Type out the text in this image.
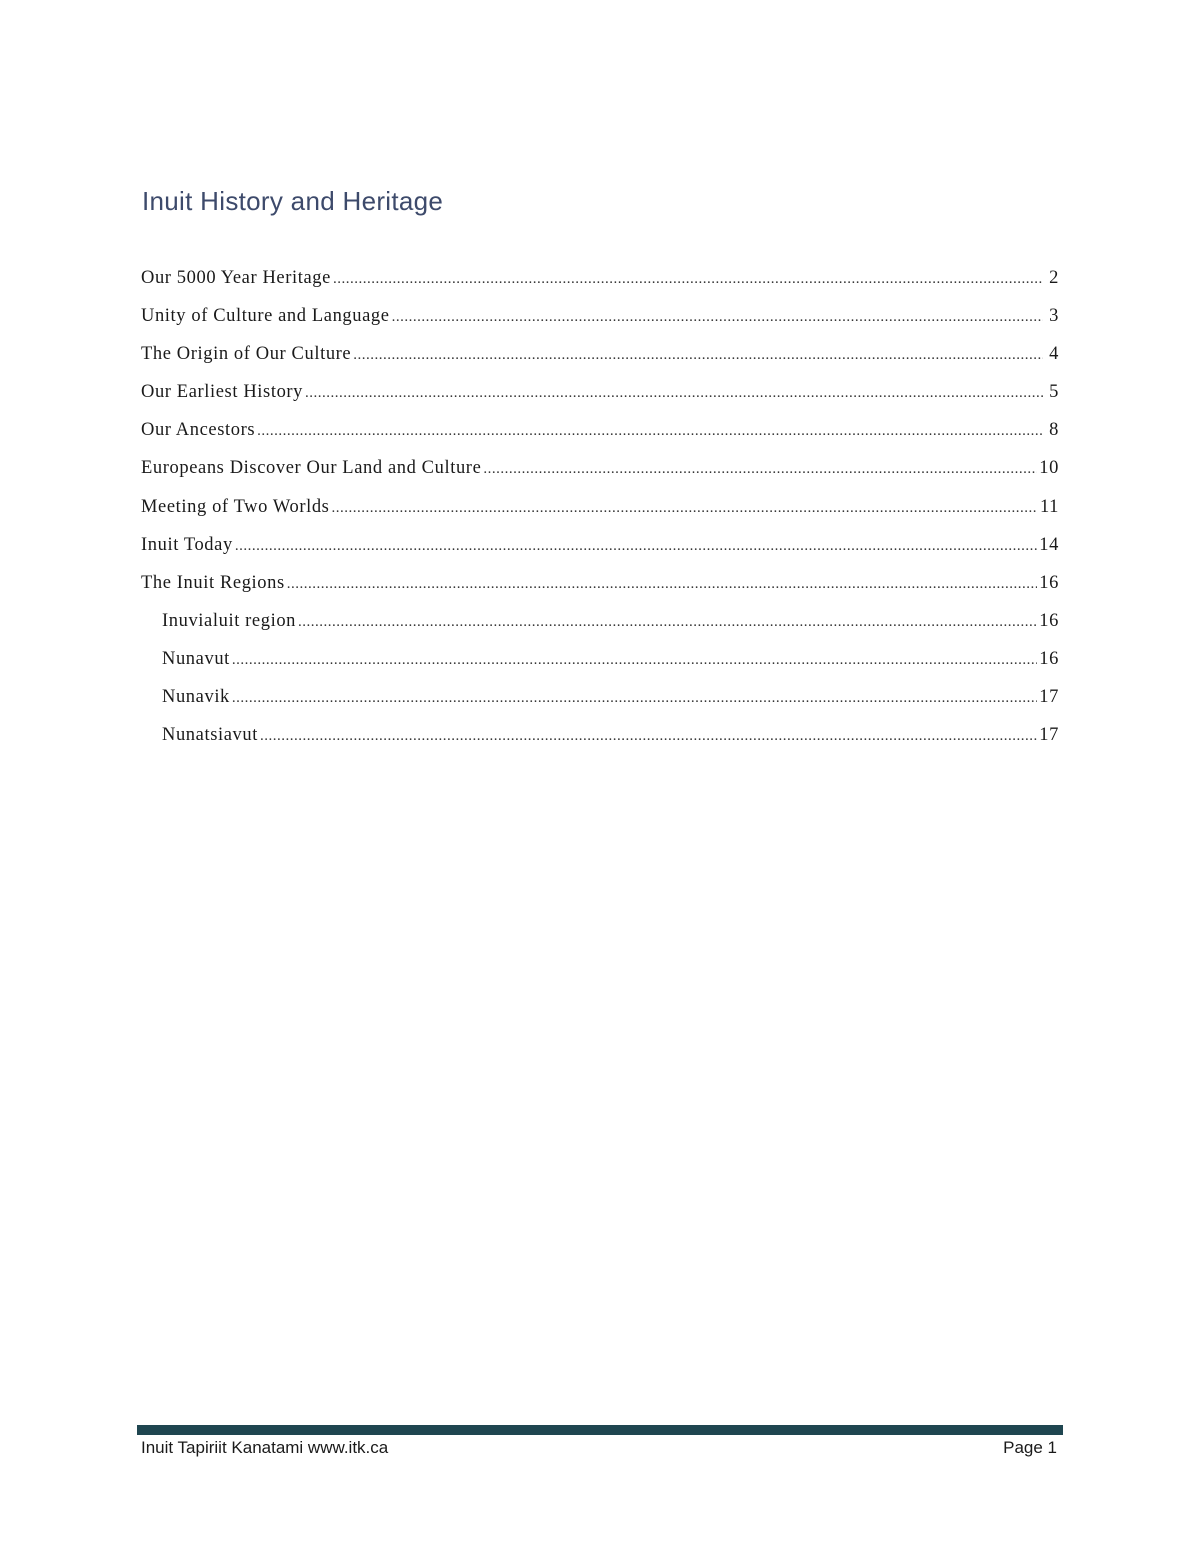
Inuit History and Heritage
Our 5000 Year Heritage .....	2
Unity of Culture and Language .....	3
The Origin of Our Culture .....	4
Our Earliest History .....	5
Our Ancestors .....	8
Europeans Discover Our Land and Culture .....	10
Meeting of Two Worlds .....	11
Inuit Today .....	14
The Inuit Regions .....	16
Inuvialuit region .....	16
Nunavut .....	16
Nunavik .....	17
Nunatsiavut .....	17
Inuit Tapiriit Kanatami www.itk.ca	Page 1
